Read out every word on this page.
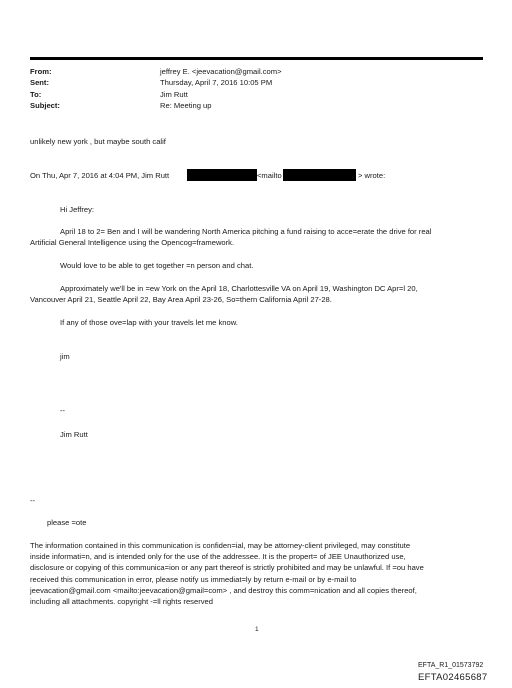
From:	jeffrey E. <jeevacation@gmail.com>
Sent:	Thursday, April 7, 2016 10:05 PM
To:	Jim Rutt
Subject:	Re: Meeting up
unlikely new york , but maybe south calif
On Thu, Apr 7, 2016 at 4:04 PM, Jim Rutt	<mailto	> wrote:
Hi Jeffrey:
April 18 to 2= Ben and I will be wandering North America pitching a fund raising to acce=erate the drive for real
Artificial General Intelligence using the Opencog=framework.
Would love to be able to get together =n person and chat.
Approximately we'll be in =ew York on the April 18, Charlottesville VA on April 19, Washington DC Apr=l 20,
Vancouver April 21, Seattle April 22, Bay Area April 23-26, So=thern California April 27-28.
If any of those ove=lap with your travels let me know.
jim
--
Jim Rutt
--
please =ote
The information contained in this communication is confiden=ial, may be attorney-client privileged, may constitute
inside informati=n, and is intended only for the use of the addressee. It is the propert= of JEE Unauthorized use,
disclosure or copying of this communica=ion or any part thereof is strictly prohibited and may be unlawful. If =ou have
received this communication in error, please notify us immediat=ly by return e-mail or by e-mail to
jeevacation@gmail.com <mailto:jeevacation@gmail=com> , and destroy this comm=nication and all copies thereof,
including all attachments. copyright -=ll rights reserved
1
EFTA_R1_01573792
EFTA02465687
